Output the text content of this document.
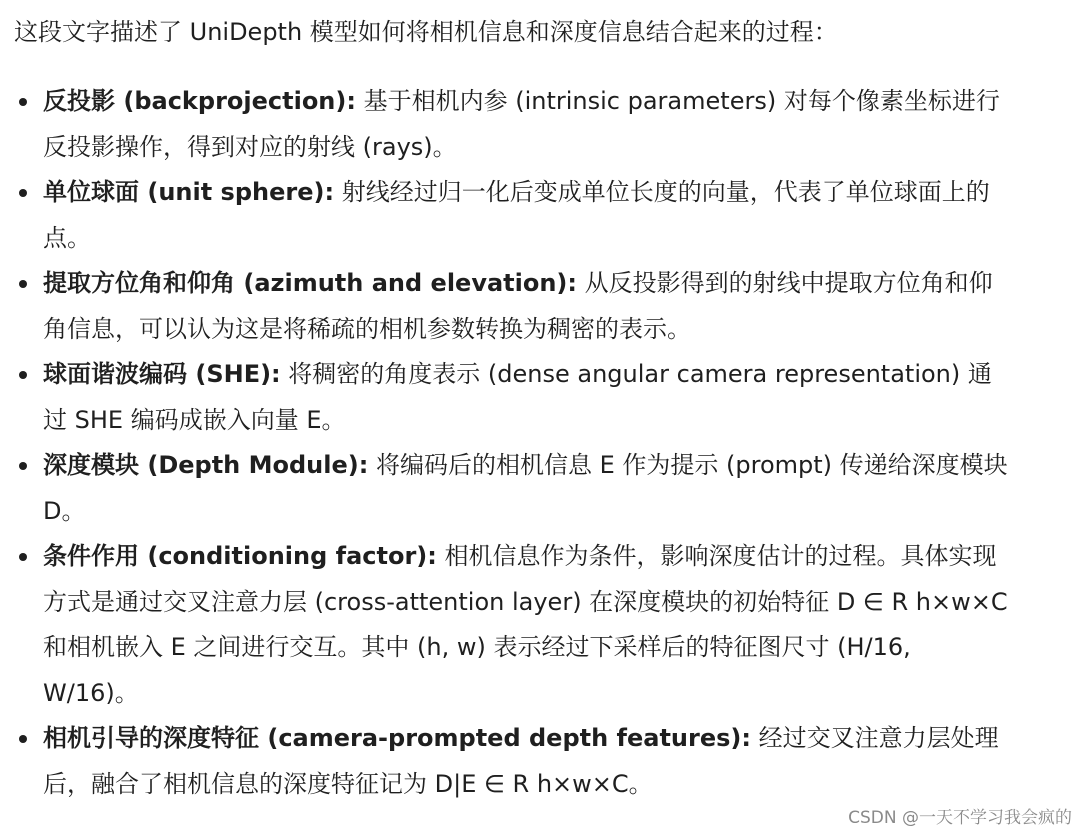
这段文字描述了 UniDepth 模型如何将相机信息和深度信息结合起来的过程：
反投影 (backprojection): 基于相机内参 (intrinsic parameters) 对每个像素坐标进行反投影操作，得到对应的射线 (rays)。
单位球面 (unit sphere): 射线经过归一化后变成单位长度的向量，代表了单位球面上的点。
提取方位角和仰角 (azimuth and elevation): 从反投影得到的射线中提取方位角和仰角信息，可以认为这是将稀疏的相机参数转换为稠密的表示。
球面谐波编码 (SHE): 将稠密的角度表示 (dense angular camera representation) 通过 SHE 编码成嵌入向量 E。
深度模块 (Depth Module): 将编码后的相机信息 E 作为提示 (prompt) 传递给深度模块 D。
条件作用 (conditioning factor): 相机信息作为条件，影响深度估计的过程。具体实现方式是通过交叉注意力层 (cross-attention layer) 在深度模块的初始特征 D ∈ R h×w×C 和相机嵌入 E 之间进行交互。其中 (h, w) 表示经过下采样后的特征图尺寸 (H/16, W/16)。
相机引导的深度特征 (camera-prompted depth features): 经过交叉注意力层处理后，融合了相机信息的深度特征记为 D|E ∈ R h×w×C。
CSDN @一天不学习我会疯的
